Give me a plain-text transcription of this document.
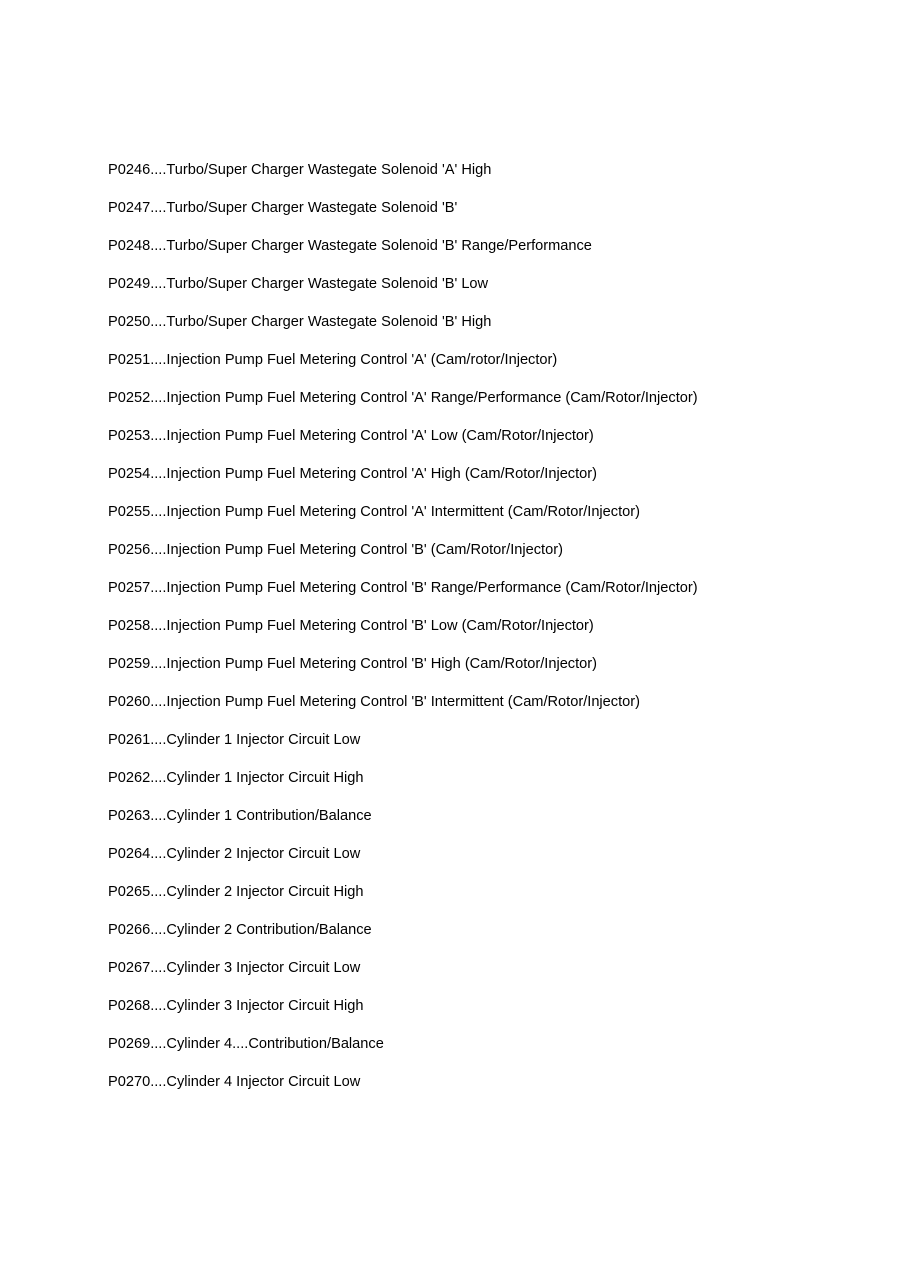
P0246....Turbo/Super Charger Wastegate Solenoid 'A' High
P0247....Turbo/Super Charger Wastegate Solenoid 'B'
P0248....Turbo/Super Charger Wastegate Solenoid 'B' Range/Performance
P0249....Turbo/Super Charger Wastegate Solenoid 'B' Low
P0250....Turbo/Super Charger Wastegate Solenoid 'B' High
P0251....Injection Pump Fuel Metering Control 'A' (Cam/rotor/Injector)
P0252....Injection Pump Fuel Metering Control 'A' Range/Performance (Cam/Rotor/Injector)
P0253....Injection Pump Fuel Metering Control 'A' Low (Cam/Rotor/Injector)
P0254....Injection Pump Fuel Metering Control 'A' High (Cam/Rotor/Injector)
P0255....Injection Pump Fuel Metering Control 'A' Intermittent (Cam/Rotor/Injector)
P0256....Injection Pump Fuel Metering Control 'B' (Cam/Rotor/Injector)
P0257....Injection Pump Fuel Metering Control 'B' Range/Performance (Cam/Rotor/Injector)
P0258....Injection Pump Fuel Metering Control 'B' Low (Cam/Rotor/Injector)
P0259....Injection Pump Fuel Metering Control 'B' High (Cam/Rotor/Injector)
P0260....Injection Pump Fuel Metering Control 'B' Intermittent (Cam/Rotor/Injector)
P0261....Cylinder 1 Injector Circuit Low
P0262....Cylinder 1 Injector Circuit High
P0263....Cylinder 1 Contribution/Balance
P0264....Cylinder 2 Injector Circuit Low
P0265....Cylinder 2 Injector Circuit High
P0266....Cylinder 2 Contribution/Balance
P0267....Cylinder 3 Injector Circuit Low
P0268....Cylinder 3 Injector Circuit High
P0269....Cylinder 4....Contribution/Balance
P0270....Cylinder 4 Injector Circuit Low
